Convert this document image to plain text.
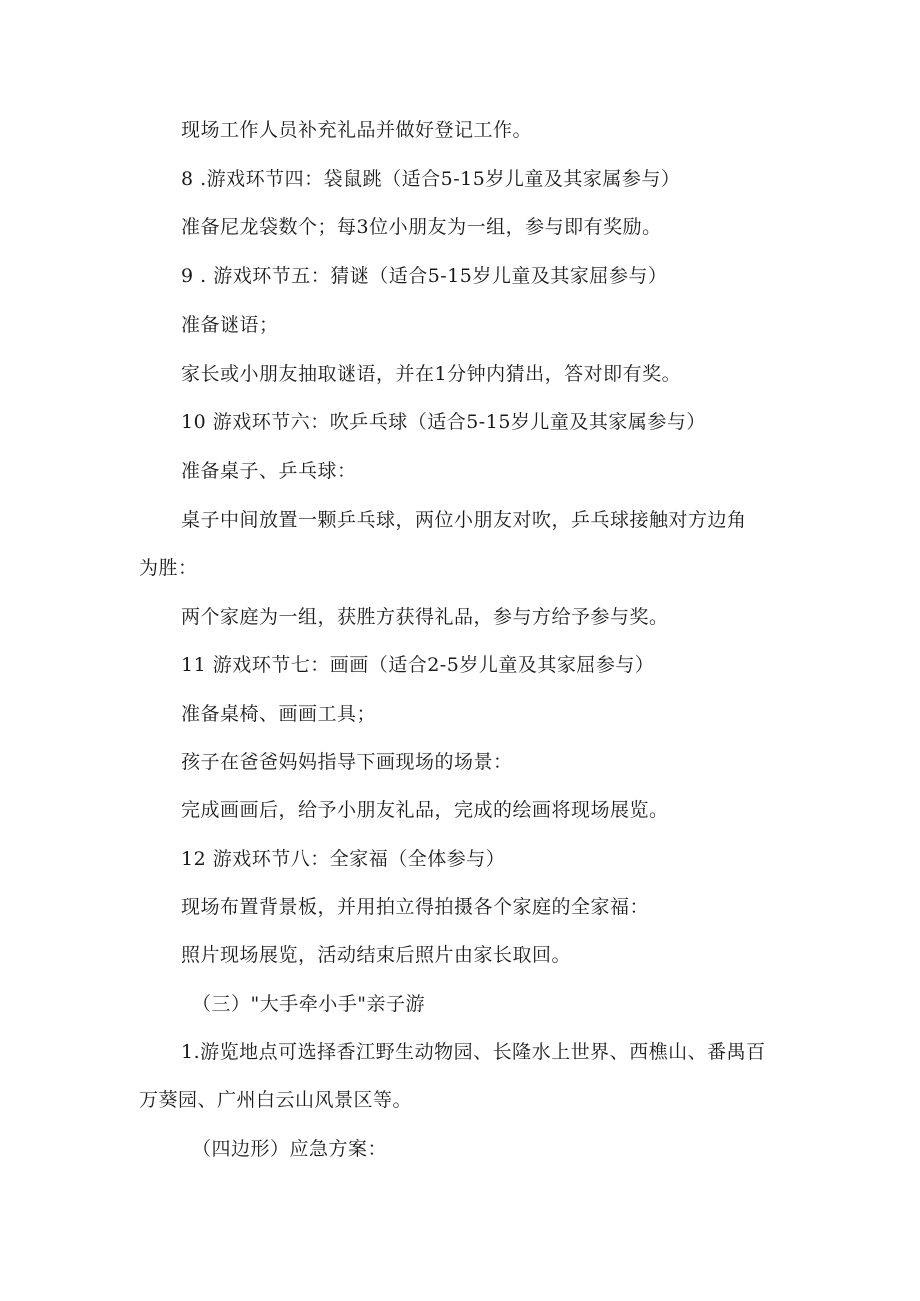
现场工作人员补充礼品并做好登记工作。
8 .游戏环节四：袋鼠跳（适合5-15岁儿童及其家属参与）
准备尼龙袋数个；每3位小朋友为一组，参与即有奖励。
9 . 游戏环节五：猜谜（适合5-15岁儿童及其家屈参与）
准备谜语；
家长或小朋友抽取谜语，并在1分钟内猜出，答对即有奖。
10 游戏环节六：吹乒乓球（适合5-15岁儿童及其家属参与）
准备桌子、乒乓球：
桌子中间放置一颗乒乓球，两位小朋友对吹，乒乓球接触对方边角
为胜：
两个家庭为一组，获胜方获得礼品，参与方给予参与奖。
11 游戏环节七：画画（适合2-5岁儿童及其家屈参与）
准备桌椅、画画工具；
孩子在爸爸妈妈指导下画现场的场景：
完成画画后，给予小朋友礼品，完成的绘画将现场展览。
12 游戏环节八：全家福（全体参与）
现场布置背景板，并用拍立得拍摄各个家庭的全家福：
照片现场展览，活动结束后照片由家长取回。
（三）"大手牵小手"亲子游
1.游览地点可选择香江野生动物园、长隆水上世界、西樵山、番禺百
万葵园、广州白云山风景区等。
（四边形）应急方案：
